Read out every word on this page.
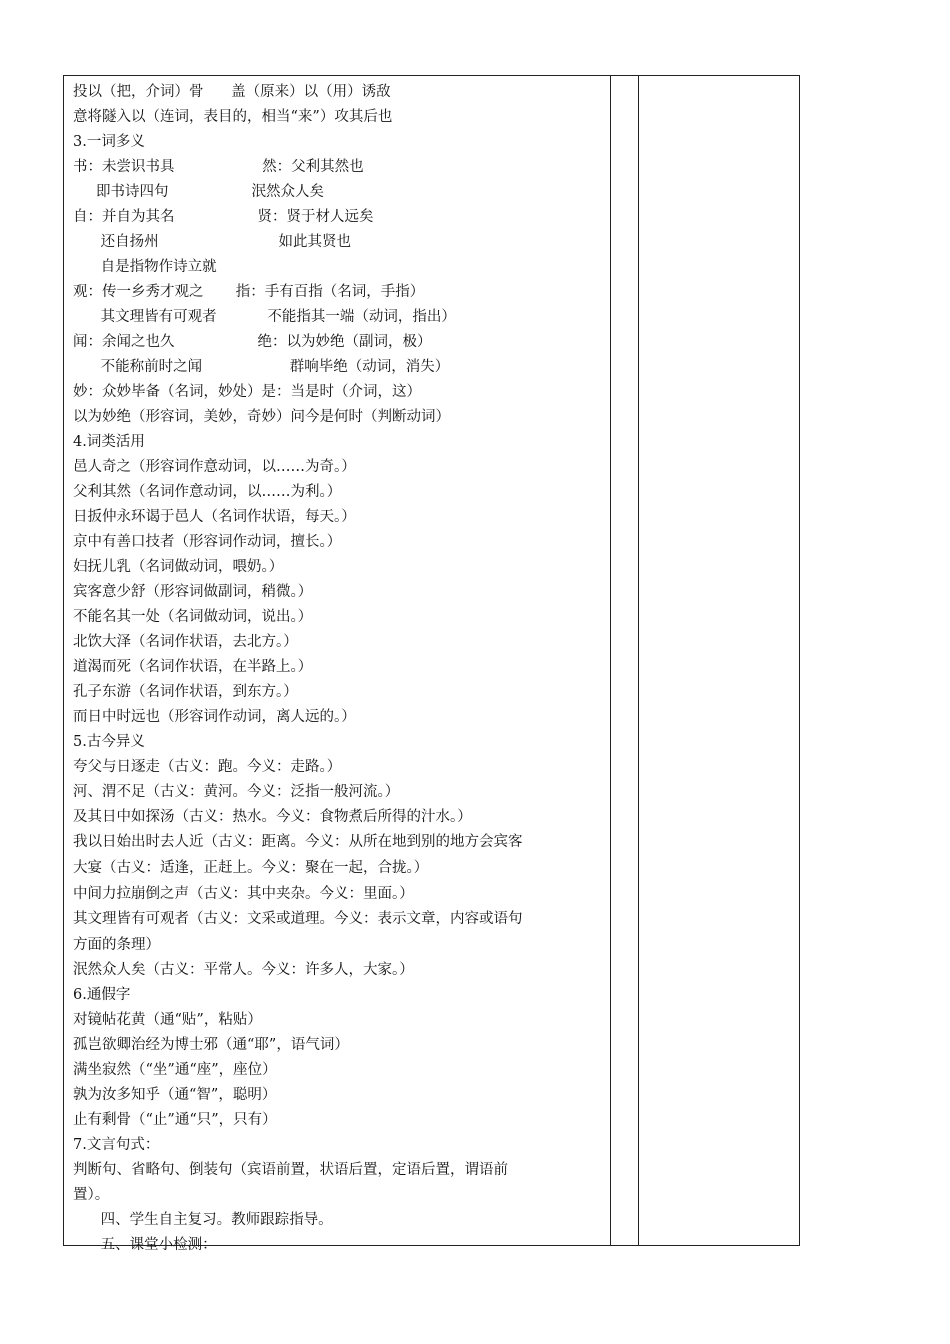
投以（把，介词）骨      盖（原来）以（用）诱敌
意将隧入以（连词，表目的，相当“来”）攻其后也
3.一词多义
书：未尝识书具                   然：父利其然也
即书诗四句                  泯然众人矣
自：并自为其名                  贤：贤于材人远矣
还自扬州                          如此其贤也
自是指物作诗立就
观：传一乡秀才观之       指：手有百指（名词，手指）
其文理皆有可观者           不能指其一端（动词，指出）
闻：余闻之也久                  绝：以为妙绝（副词，极）
不能称前时之闻                   群响毕绝（动词，消失）
妙：众妙毕备（名词，妙处）是：当是时（介词，这）
以为妙绝（形容词，美妙，奇妙）问今是何时（判断动词）
4.词类活用
邑人奇之（形容词作意动词，以……为奇。）
父利其然（名词作意动词，以……为利。）
日扳仲永环谒于邑人（名词作状语，每天。）
京中有善口技者（形容词作动词，擅长。）
妇抚儿乳（名词做动词，喂奶。）
宾客意少舒（形容词做副词，稍微。）
不能名其一处（名词做动词，说出。）
北饮大泽（名词作状语，去北方。）
道渴而死（名词作状语，在半路上。）
孔子东游（名词作状语，到东方。）
而日中时远也（形容词作动词，离人远的。）
5.古今异义
夸父与日逐走（古义：跑。今义：走路。）
河、渭不足（古义：黄河。今义：泛指一般河流。）
及其日中如探汤（古义：热水。今义：食物煮后所得的汁水。）
我以日始出时去人近（古义：距离。今义：从所在地到别的地方会宾客
大宴（古义：适逢，正赶上。今义：聚在一起，合拢。）
中间力拉崩倒之声（古义：其中夹杂。今义：里面。）
其文理皆有可观者（古义：文采或道理。今义：表示文章，内容或语句
方面的条理）
泯然众人矣（古义：平常人。今义：许多人，大家。）
6.通假字
对镜帖花黄（通“贴”，粘贴）
孤岂欲卿治经为博士邪（通“耶”，语气词）
满坐寂然（“坐”通“座”，座位）
孰为汝多知乎（通“智”，聪明）
止有剩骨（“止”通“只”，只有）
7.文言句式：
判断句、省略句、倒装句（宾语前置，状语后置，定语后置，谓语前
置）。
四、学生自主复习。教师跟踪指导。
五、课堂小检测：
